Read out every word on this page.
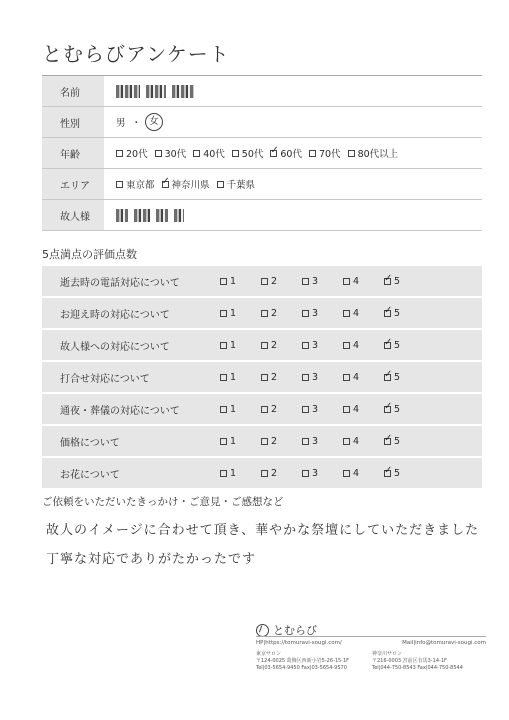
とむらびアンケート
名前
性別	男 ・ 女
年齢	20代 30代 40代 50代 ✓ 60代 70代 80代以上
エリア	東京都 ✓ 神奈川県 千葉県
故人様
5点満点の評価点数
逝去時の電話対応について	1	2	3	4 ✓	5
お迎え時の対応について	1	2	3	4 ✓	5
故人様への対応について	1	2	3	4 ✓	5
打合せ対応について	1	2	3	4 ✓	5
通夜・葬儀の対応について	1	2	3	4 ✓	5
価格について	1	2	3	4 ✓	5
お花について	1	2	3	4 ✓	5
ご依頼をいただいたきっかけ・ご意見・ご感想など
故人のイメージに合わせて頂き、華やかな祭壇にしていただきました
丁寧な対応でありがたかったです
とむらび
HP|https://tomuravi-sougi.com/	Mail|info@tomuravi-sougi.com
東京サロン
〒124-0025 葛飾区西新小岩5-26-15-1F
Tel|03-5654-9450 Fax|03-5654-9570
神奈川サロン
〒216-0003 宮前区有馬3-14-1F
Tel|044-750-8543 Fax|044-750-8544
